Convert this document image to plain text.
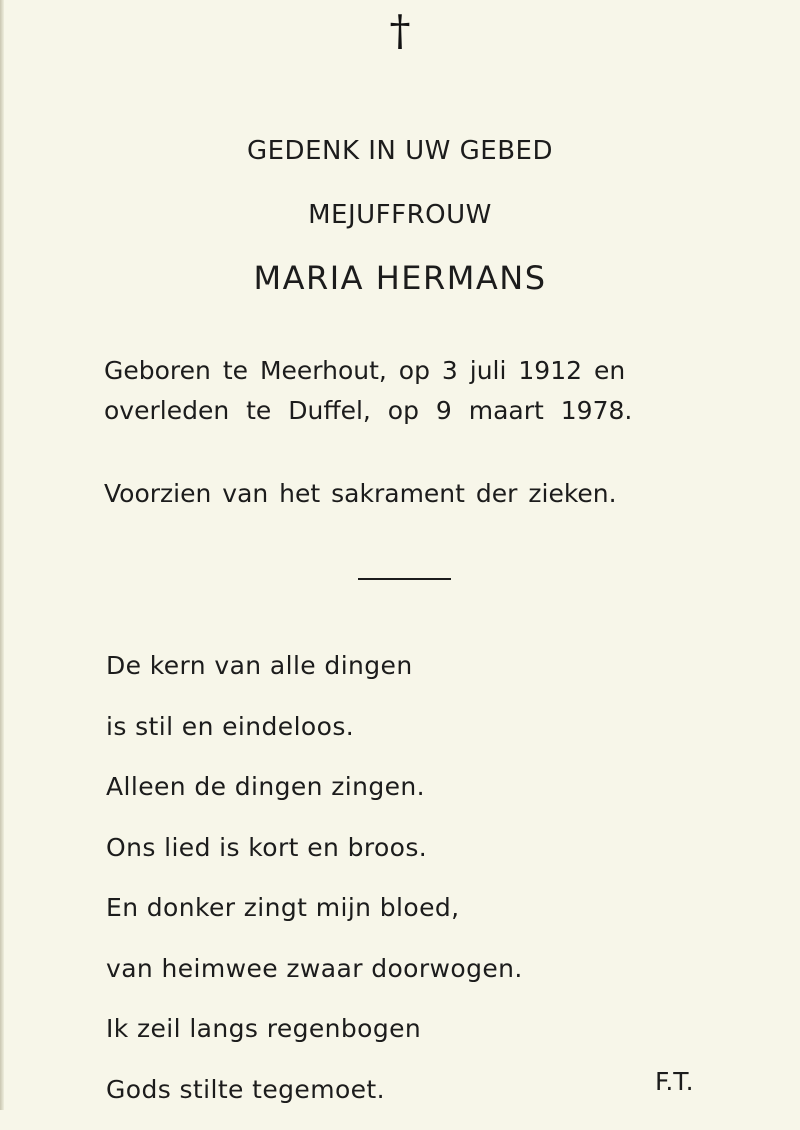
†
GEDENK IN UW GEBED
MEJUFFROUW
MARIA HERMANS
Geboren te Meerhout, op 3 juli 1912 en
overleden te Duffel, op 9 maart 1978.
Voorzien van het sakrament der zieken.
De kern van alle dingen
is stil en eindeloos.
Alleen de dingen zingen.
Ons lied is kort en broos.
En donker zingt mijn bloed,
van heimwee zwaar doorwogen.
Ik zeil langs regenbogen
Gods stilte tegemoet.	F.T.
